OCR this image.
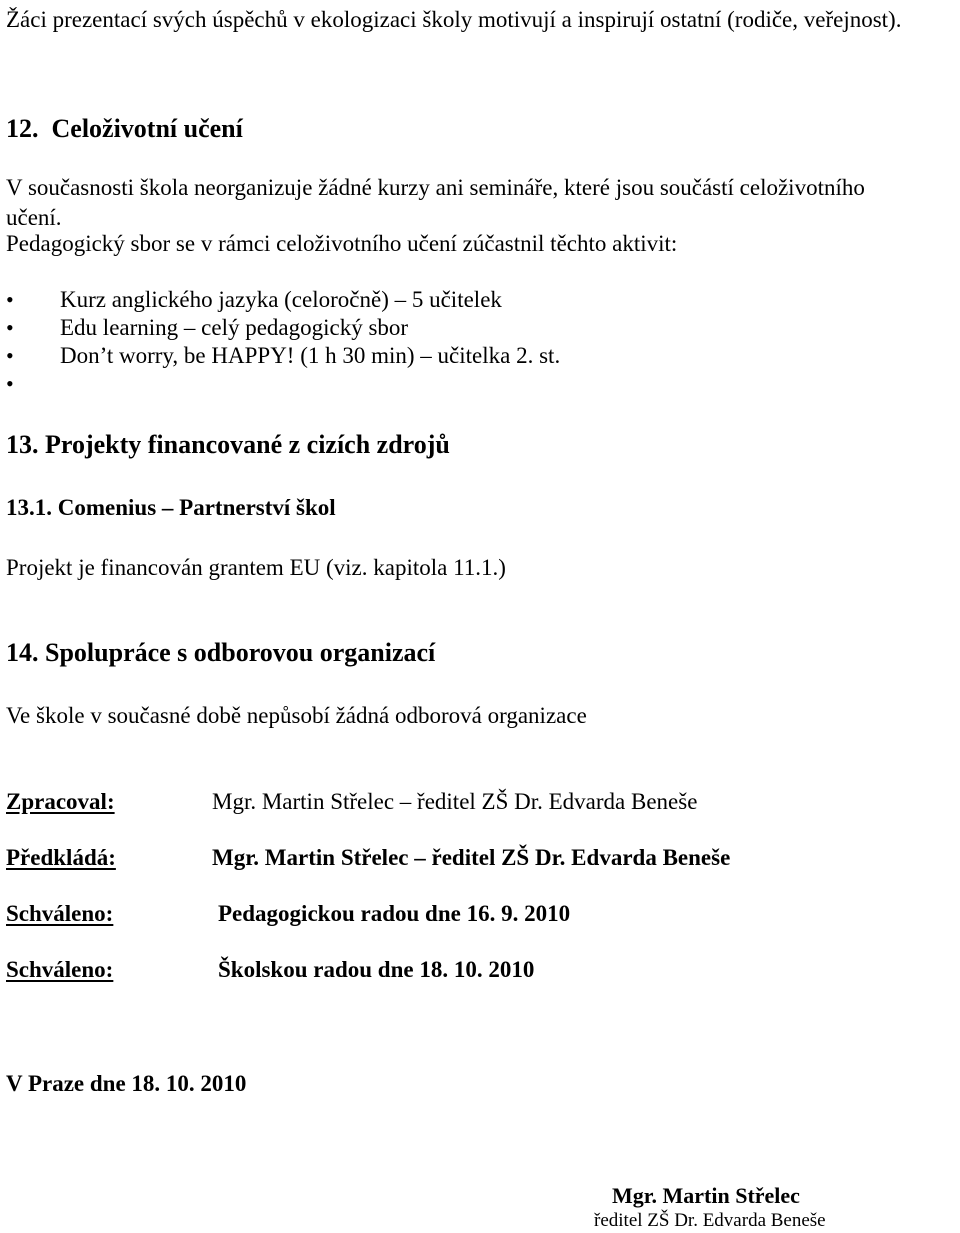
Žáci prezentací svých úspěchů v ekologizaci školy motivují a inspirují ostatní (rodiče, veřejnost).
12. Celoživotní učení
V současnosti škola neorganizuje žádné kurzy ani semináře, které jsou součástí celoživotního
učení.
Pedagogický sbor se v rámci celoživotního učení zúčastnil těchto aktivit:
• Kurz anglického jazyka (celoročně) – 5 učitelek
• Edu learning – celý pedagogický sbor
• Don’t worry, be HAPPY! (1 h 30 min) – učitelka 2. st.
•
13. Projekty financované z cizích zdrojů
13.1. Comenius – Partnerství škol
Projekt je financován grantem EU (viz. kapitola 11.1.)
14. Spolupráce s odborovou organizací
Ve škole v současné době nepůsobí žádná odborová organizace
Zpracoval:	Mgr. Martin Střelec – ředitel ZŠ Dr. Edvarda Beneše
Předkládá:	Mgr. Martin Střelec – ředitel ZŠ Dr. Edvarda Beneše
Schváleno:	Pedagogickou radou dne 16. 9. 2010
Schváleno:	Školskou radou dne 18. 10. 2010
V Praze dne 18. 10. 2010
Mgr. Martin Střelec
ředitel ZŠ Dr. Edvarda Beneše
